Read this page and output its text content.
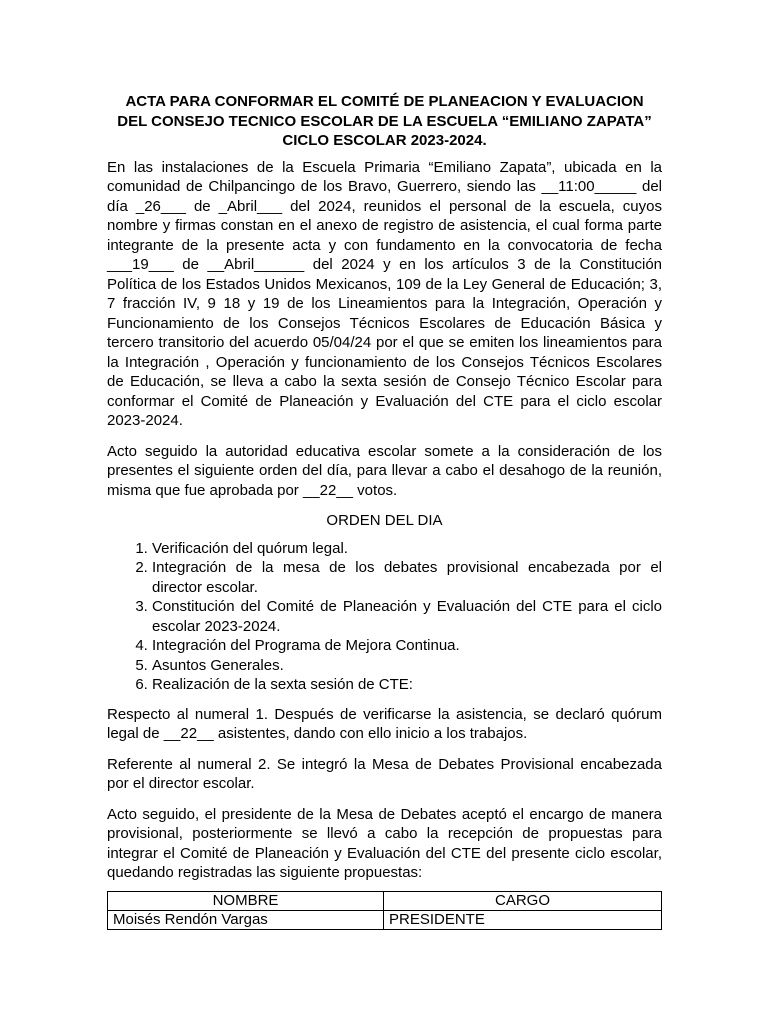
ACTA PARA CONFORMAR EL COMITÉ DE PLANEACION Y EVALUACION
DEL CONSEJO TECNICO ESCOLAR DE LA ESCUELA “EMILIANO ZAPATA”
CICLO ESCOLAR 2023-2024.

En las instalaciones de la Escuela Primaria “Emiliano Zapata”, ubicada en la comunidad de Chilpancingo de los Bravo, Guerrero, siendo las __11:00_____ del día _26___ de _Abril___ del 2024, reunidos el personal de la escuela, cuyos nombre y firmas constan en el anexo de registro de asistencia, el cual forma parte integrante de la presente acta y con fundamento en la convocatoria de fecha ___19___ de __Abril______ del 2024 y en los artículos 3 de la Constitución Política de los Estados Unidos Mexicanos, 109 de la Ley General de Educación; 3, 7 fracción IV, 9 18 y 19 de los Lineamientos para la Integración, Operación y Funcionamiento de los Consejos Técnicos Escolares de Educación Básica y tercero transitorio del acuerdo 05/04/24 por el que se emiten los lineamientos para la Integración , Operación y funcionamiento de los Consejos Técnicos Escolares de Educación, se lleva a cabo la sexta sesión de Consejo Técnico Escolar para conformar el Comité de Planeación y Evaluación del CTE para el ciclo escolar 2023-2024.

Acto seguido la autoridad educativa escolar somete a la consideración de los presentes el siguiente orden del día, para llevar a cabo el desahogo de la reunión, misma que fue aprobada por __22__ votos.

ORDEN DEL DIA
1. Verificación del quórum legal.
2. Integración de la mesa de los debates provisional encabezada por el director escolar.
3. Constitución del Comité de Planeación y Evaluación del CTE para el ciclo escolar 2023-2024.
4. Integración del Programa de Mejora Continua.
5. Asuntos Generales.
6. Realización de la sexta sesión de CTE:

Respecto al numeral 1. Después de verificarse la asistencia, se declaró quórum legal de __22__ asistentes, dando con ello inicio a los trabajos.

Referente al numeral 2. Se integró la Mesa de Debates Provisional encabezada por el director escolar.

Acto seguido, el presidente de la Mesa de Debates aceptó el encargo de manera provisional, posteriormente se llevó a cabo la recepción de propuestas para integrar el Comité de Planeación y Evaluación del CTE del presente ciclo escolar, quedando registradas las siguiente propuestas:

NOMBRE	CARGO
Moisés Rendón Vargas	PRESIDENTE
